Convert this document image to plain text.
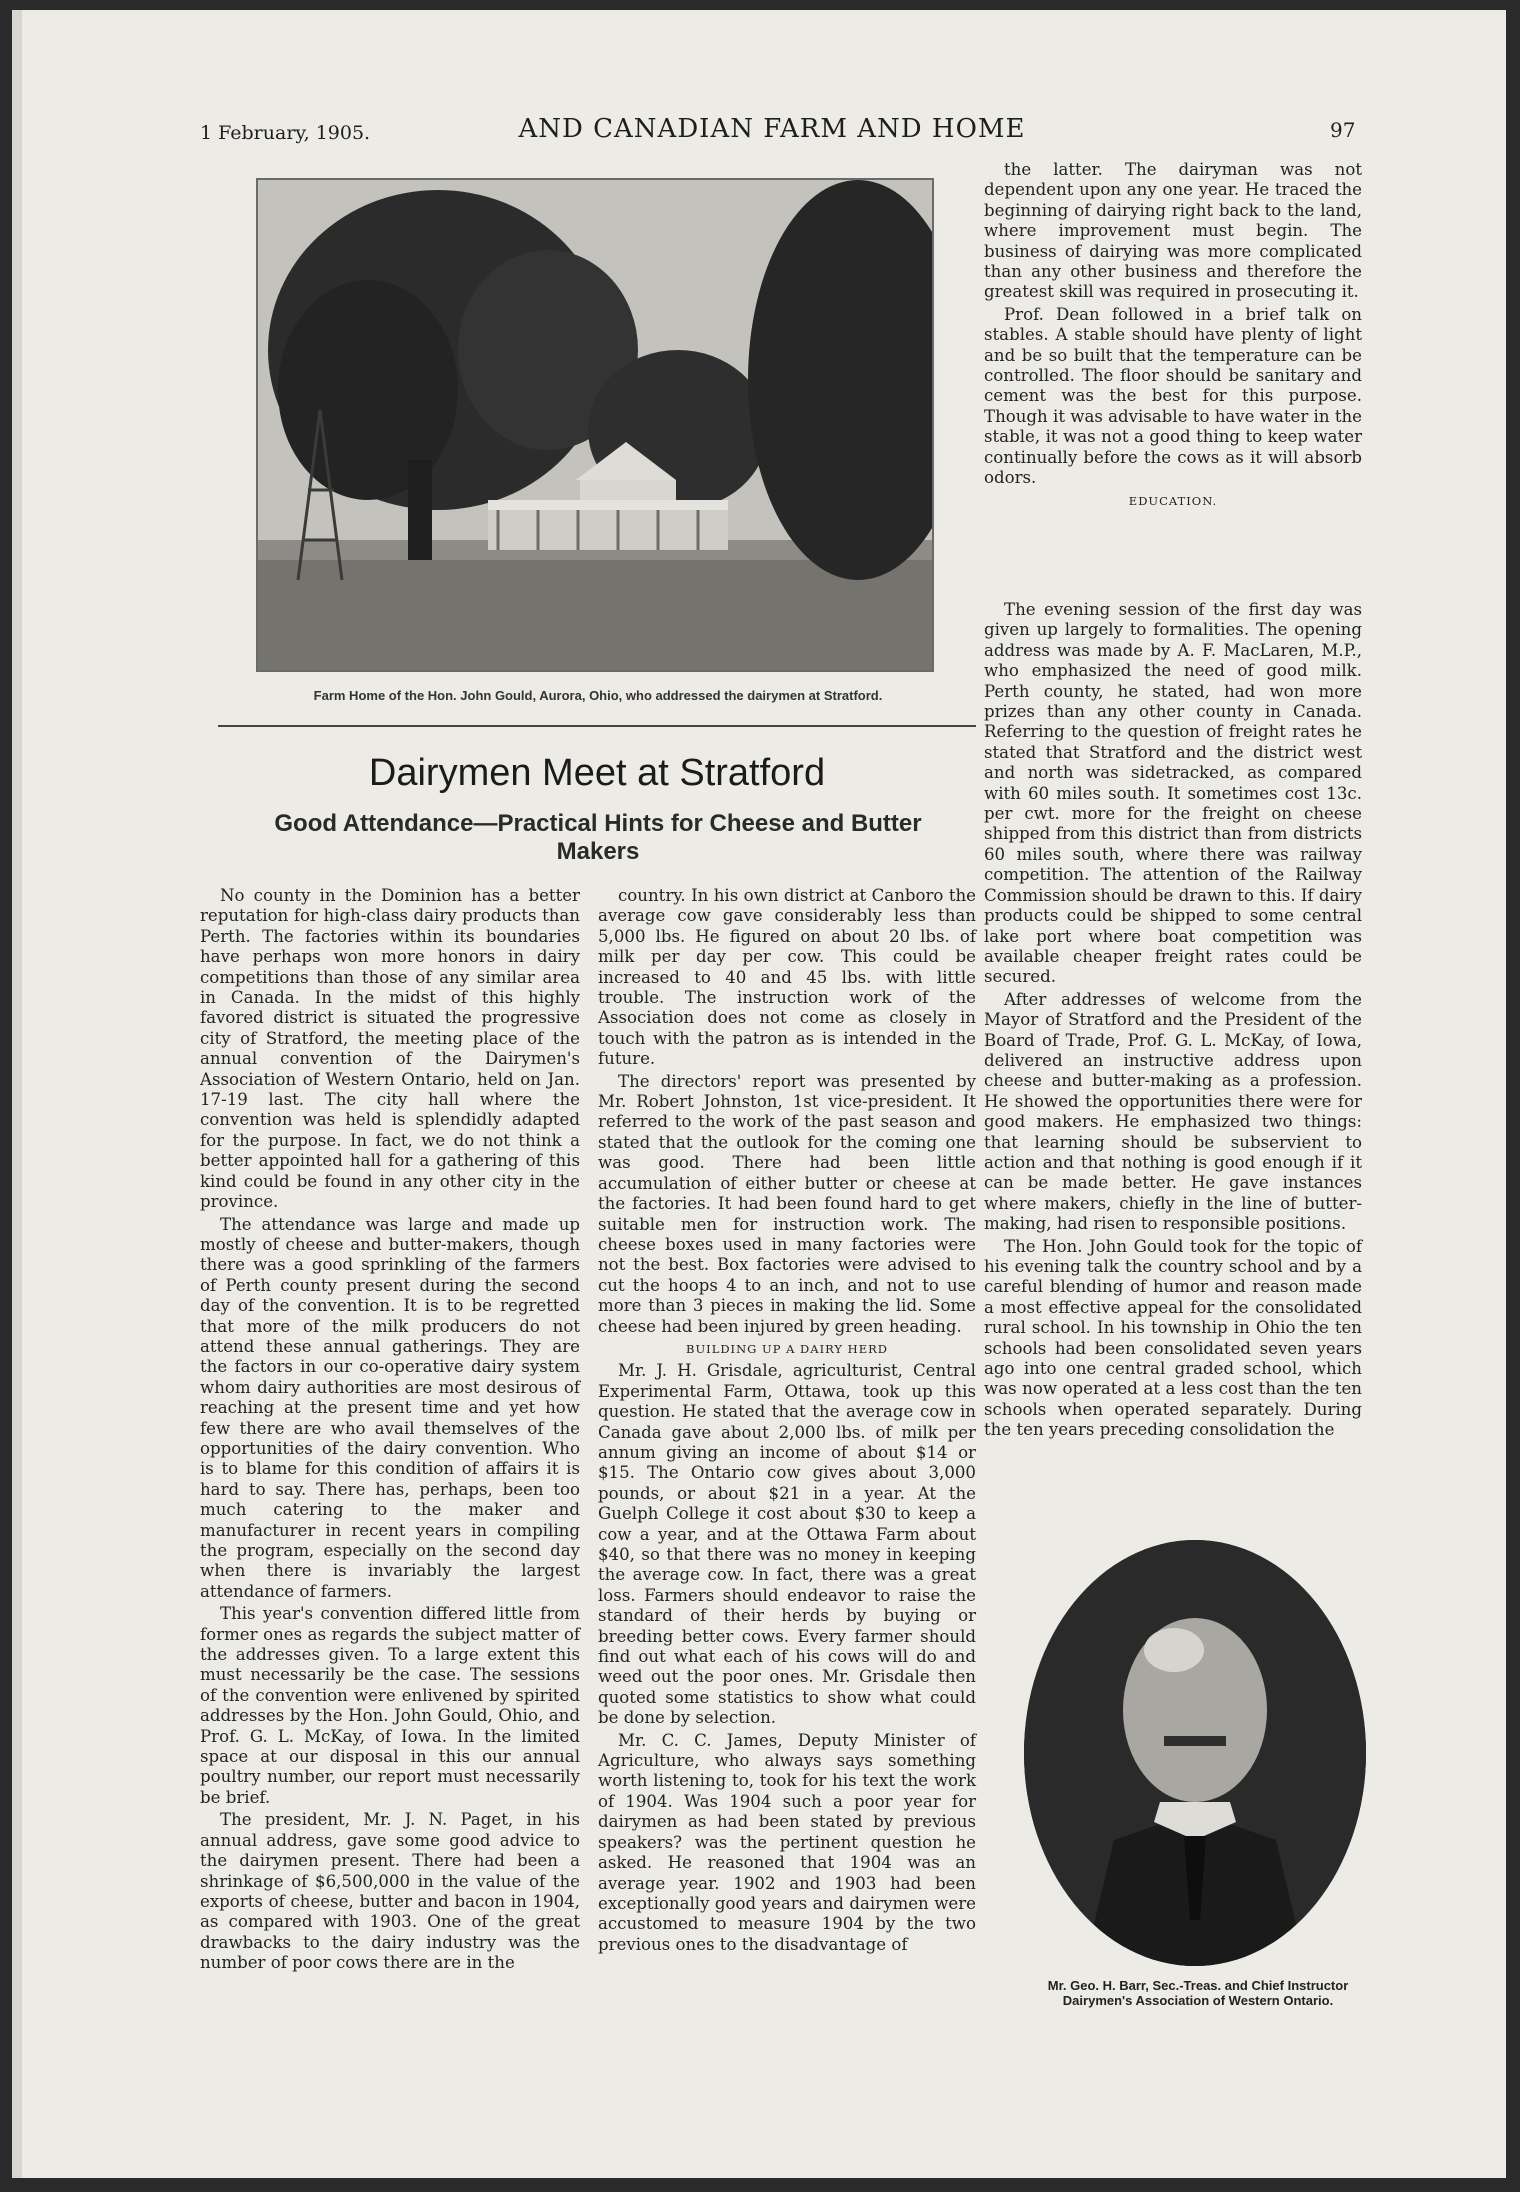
1 February, 1905.	AND CANADIAN FARM AND HOME	97
Farm Home of the Hon. John Gould, Aurora, Ohio, who addressed the dairymen at Stratford.
Dairymen Meet at Stratford
Good Attendance—Practical Hints for Cheese and Butter Makers

No county in the Dominion has a better reputation for high-class dairy products than Perth. The factories within its boundaries have perhaps won more honors in dairy competitions than those of any similar area in Canada. In the midst of this highly favored district is situated the progressive city of Stratford, the meeting place of the annual convention of the Dairymen's Association of Western Ontario, held on Jan. 17-19 last. The city hall where the convention was held is splendidly adapted for the purpose. In fact, we do not think a better appointed hall for a gathering of this kind could be found in any other city in the province.

The attendance was large and made up mostly of cheese and butter-makers, though there was a good sprinkling of the farmers of Perth county present during the second day of the convention. It is to be regretted that more of the milk producers do not attend these annual gatherings. They are the factors in our co-operative dairy system whom dairy authorities are most desirous of reaching at the present time and yet how few there are who avail themselves of the opportunities of the dairy convention. Who is to blame for this condition of affairs it is hard to say. There has, perhaps, been too much catering to the maker and manufacturer in recent years in compiling the program, especially on the second day when there is invariably the largest attendance of farmers.

This year's convention differed little from former ones as regards the subject matter of the addresses given. To a large extent this must necessarily be the case. The sessions of the convention were enlivened by spirited addresses by the Hon. John Gould, Ohio, and Prof. G. L. McKay, of Iowa. In the limited space at our disposal in this our annual poultry number, our report must necessarily be brief.

The president, Mr. J. N. Paget, in his annual address, gave some good advice to the dairymen present. There had been a shrinkage of $6,500,000 in the value of the exports of cheese, butter and bacon in 1904, as compared with 1903. One of the great drawbacks to the dairy industry was the number of poor cows there are in the

country. In his own district at Canboro the average cow gave considerably less than 5,000 lbs. He figured on about 20 lbs. of milk per day per cow. This could be increased to 40 and 45 lbs. with little trouble. The instruction work of the Association does not come as closely in touch with the patron as is intended in the future.

The directors' report was presented by Mr. Robert Johnston, 1st vice-president. It referred to the work of the past season and stated that the outlook for the coming one was good. There had been little accumulation of either butter or cheese at the factories. It had been found hard to get suitable men for instruction work. The cheese boxes used in many factories were not the best. Box factories were advised to cut the hoops 4 to an inch, and not to use more than 3 pieces in making the lid. Some cheese had been injured by green heading.

BUILDING UP A DAIRY HERD

Mr. J. H. Grisdale, agriculturist, Central Experimental Farm, Ottawa, took up this question. He stated that the average cow in Canada gave about 2,000 lbs. of milk per annum giving an income of about $14 or $15. The Ontario cow gives about 3,000 pounds, or about $21 in a year. At the Guelph College it cost about $30 to keep a cow a year, and at the Ottawa Farm about $40, so that there was no money in keeping the average cow. In fact, there was a great loss. Farmers should endeavor to raise the standard of their herds by buying or breeding better cows. Every farmer should find out what each of his cows will do and weed out the poor ones. Mr. Grisdale then quoted some statistics to show what could be done by selection.

Mr. C. C. James, Deputy Minister of Agriculture, who always says something worth listening to, took for his text the work of 1904. Was 1904 such a poor year for dairymen as had been stated by previous speakers? was the pertinent question he asked. He reasoned that 1904 was an average year. 1902 and 1903 had been exceptionally good years and dairymen were accustomed to measure 1904 by the two previous ones to the disadvantage of

the latter. The dairyman was not dependent upon any one year. He traced the beginning of dairying right back to the land, where improvement must begin. The business of dairying was more complicated than any other business and therefore the greatest skill was required in prosecuting it.

Prof. Dean followed in a brief talk on stables. A stable should have plenty of light and be so built that the temperature can be controlled. The floor should be sanitary and cement was the best for this purpose. Though it was advisable to have water in the stable, it was not a good thing to keep water continually before the cows as it will absorb odors.

EDUCATION.

The evening session of the first day was given up largely to formalities. The opening address was made by A. F. MacLaren, M.P., who emphasized the need of good milk. Perth county, he stated, had won more prizes than any other county in Canada. Referring to the question of freight rates he stated that Stratford and the district west and north was sidetracked, as compared with 60 miles south. It sometimes cost 13c. per cwt. more for the freight on cheese shipped from this district than from districts 60 miles south, where there was railway competition. The attention of the Railway Commission should be drawn to this. If dairy products could be shipped to some central lake port where boat competition was available cheaper freight rates could be secured.

After addresses of welcome from the Mayor of Stratford and the President of the Board of Trade, Prof. G. L. McKay, of Iowa, delivered an instructive address upon cheese and butter-making as a profession. He showed the opportunities there were for good makers. He emphasized two things: that learning should be subservient to action and that nothing is good enough if it can be made better. He gave instances where makers, chiefly in the line of butter-making, had risen to responsible positions.

The Hon. John Gould took for the topic of his evening talk the country school and by a careful blending of humor and reason made a most effective appeal for the consolidated rural school. In his township in Ohio the ten schools had been consolidated seven years ago into one central graded school, which was now operated at a less cost than the ten schools when operated separately. During the ten years preceding consolidation the

Mr. Geo. H. Barr, Sec.-Treas. and Chief Instructor Dairymen's Association of Western Ontario.
